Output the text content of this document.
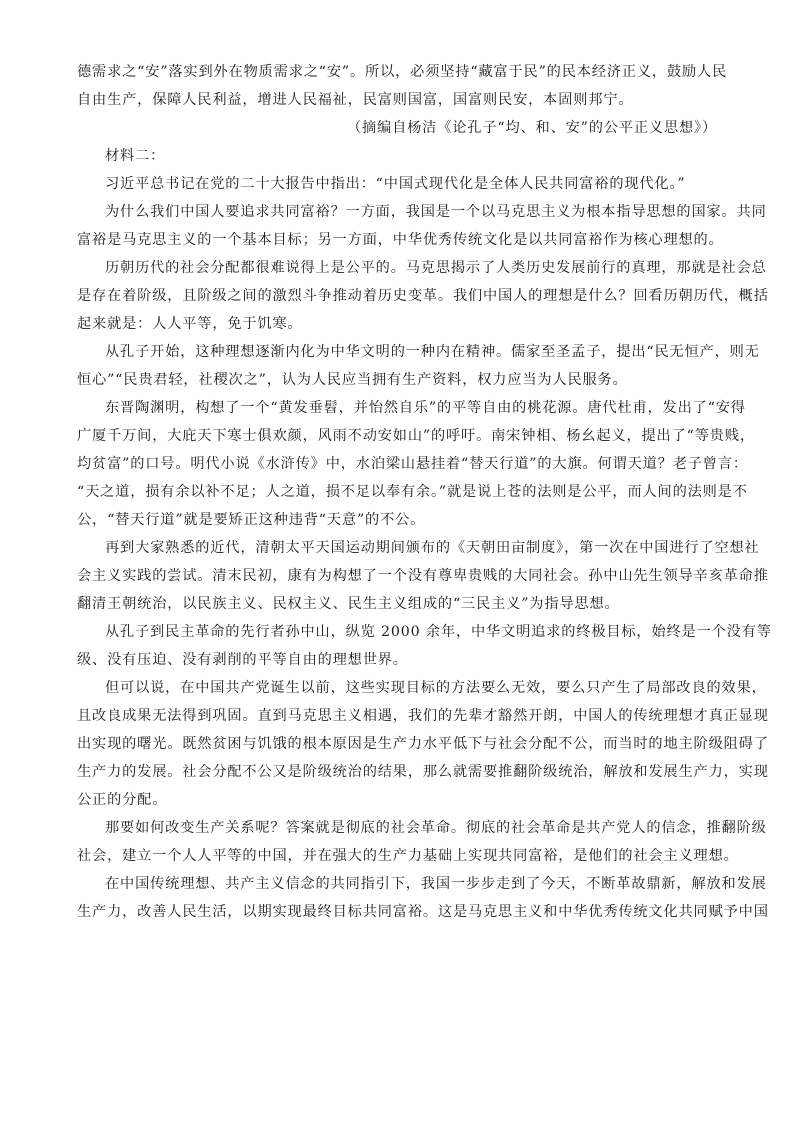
德需求之“安”落实到外在物质需求之“安”。所以，必须坚持“藏富于民”的民本经济正义，鼓励人民
自由生产，保障人民利益，增进人民福祉，民富则国富，国富则民安，本固则邦宁。
（摘编自杨洁《论孔子“均、和、安”的公平正义思想》）
材料二：
习近平总书记在党的二十大报告中指出：“中国式现代化是全体人民共同富裕的现代化。”
为什么我们中国人要追求共同富裕？一方面，我国是一个以马克思主义为根本指导思想的国家。共同
富裕是马克思主义的一个基本目标；另一方面，中华优秀传统文化是以共同富裕作为核心理想的。
历朝历代的社会分配都很难说得上是公平的。马克思揭示了人类历史发展前行的真理，那就是社会总
是存在着阶级，且阶级之间的激烈斗争推动着历史变革。我们中国人的理想是什么？回看历朝历代，概括
起来就是：人人平等，免于饥寒。
从孔子开始，这种理想逐渐内化为中华文明的一种内在精神。儒家至圣孟子，提出“民无恒产，则无
恒心”“民贵君轻，社稷次之”，认为人民应当拥有生产资料，权力应当为人民服务。
东晋陶渊明，构想了一个“黄发垂髫，并怡然自乐”的平等自由的桃花源。唐代杜甫，发出了“安得
广厦千万间，大庇天下寒士俱欢颜，风雨不动安如山”的呼吁。南宋钟相、杨幺起义，提出了“等贵贱，
均贫富”的口号。明代小说《水浒传》中，水泊梁山悬挂着“替天行道”的大旗。何谓天道？老子曾言：
“天之道，损有余以补不足；人之道，损不足以奉有余。”就是说上苍的法则是公平，而人间的法则是不
公，“替天行道”就是要矫正这种违背“天意”的不公。
再到大家熟悉的近代，清朝太平天国运动期间颁布的《天朝田亩制度》，第一次在中国进行了空想社
会主义实践的尝试。清末民初，康有为构想了一个没有尊卑贵贱的大同社会。孙中山先生领导辛亥革命推
翻清王朝统治，以民族主义、民权主义、民生主义组成的“三民主义”为指导思想。
从孔子到民主革命的先行者孙中山，纵览 2000 余年，中华文明追求的终极目标，始终是一个没有等
级、没有压迫、没有剥削的平等自由的理想世界。
但可以说，在中国共产党诞生以前，这些实现目标的方法要么无效，要么只产生了局部改良的效果，
且改良成果无法得到巩固。直到马克思主义相遇，我们的先辈才豁然开朗，中国人的传统理想才真正显现
出实现的曙光。既然贫困与饥饿的根本原因是生产力水平低下与社会分配不公，而当时的地主阶级阻碍了
生产力的发展。社会分配不公又是阶级统治的结果，那么就需要推翻阶级统治，解放和发展生产力，实现
公正的分配。
那要如何改变生产关系呢？答案就是彻底的社会革命。彻底的社会革命是共产党人的信念，推翻阶级
社会，建立一个人人平等的中国，并在强大的生产力基础上实现共同富裕，是他们的社会主义理想。
在中国传统理想、共产主义信念的共同指引下，我国一步步走到了今天，不断革故鼎新，解放和发展
生产力，改善人民生活，以期实现最终目标共同富裕。这是马克思主义和中华优秀传统文化共同赋予中国
